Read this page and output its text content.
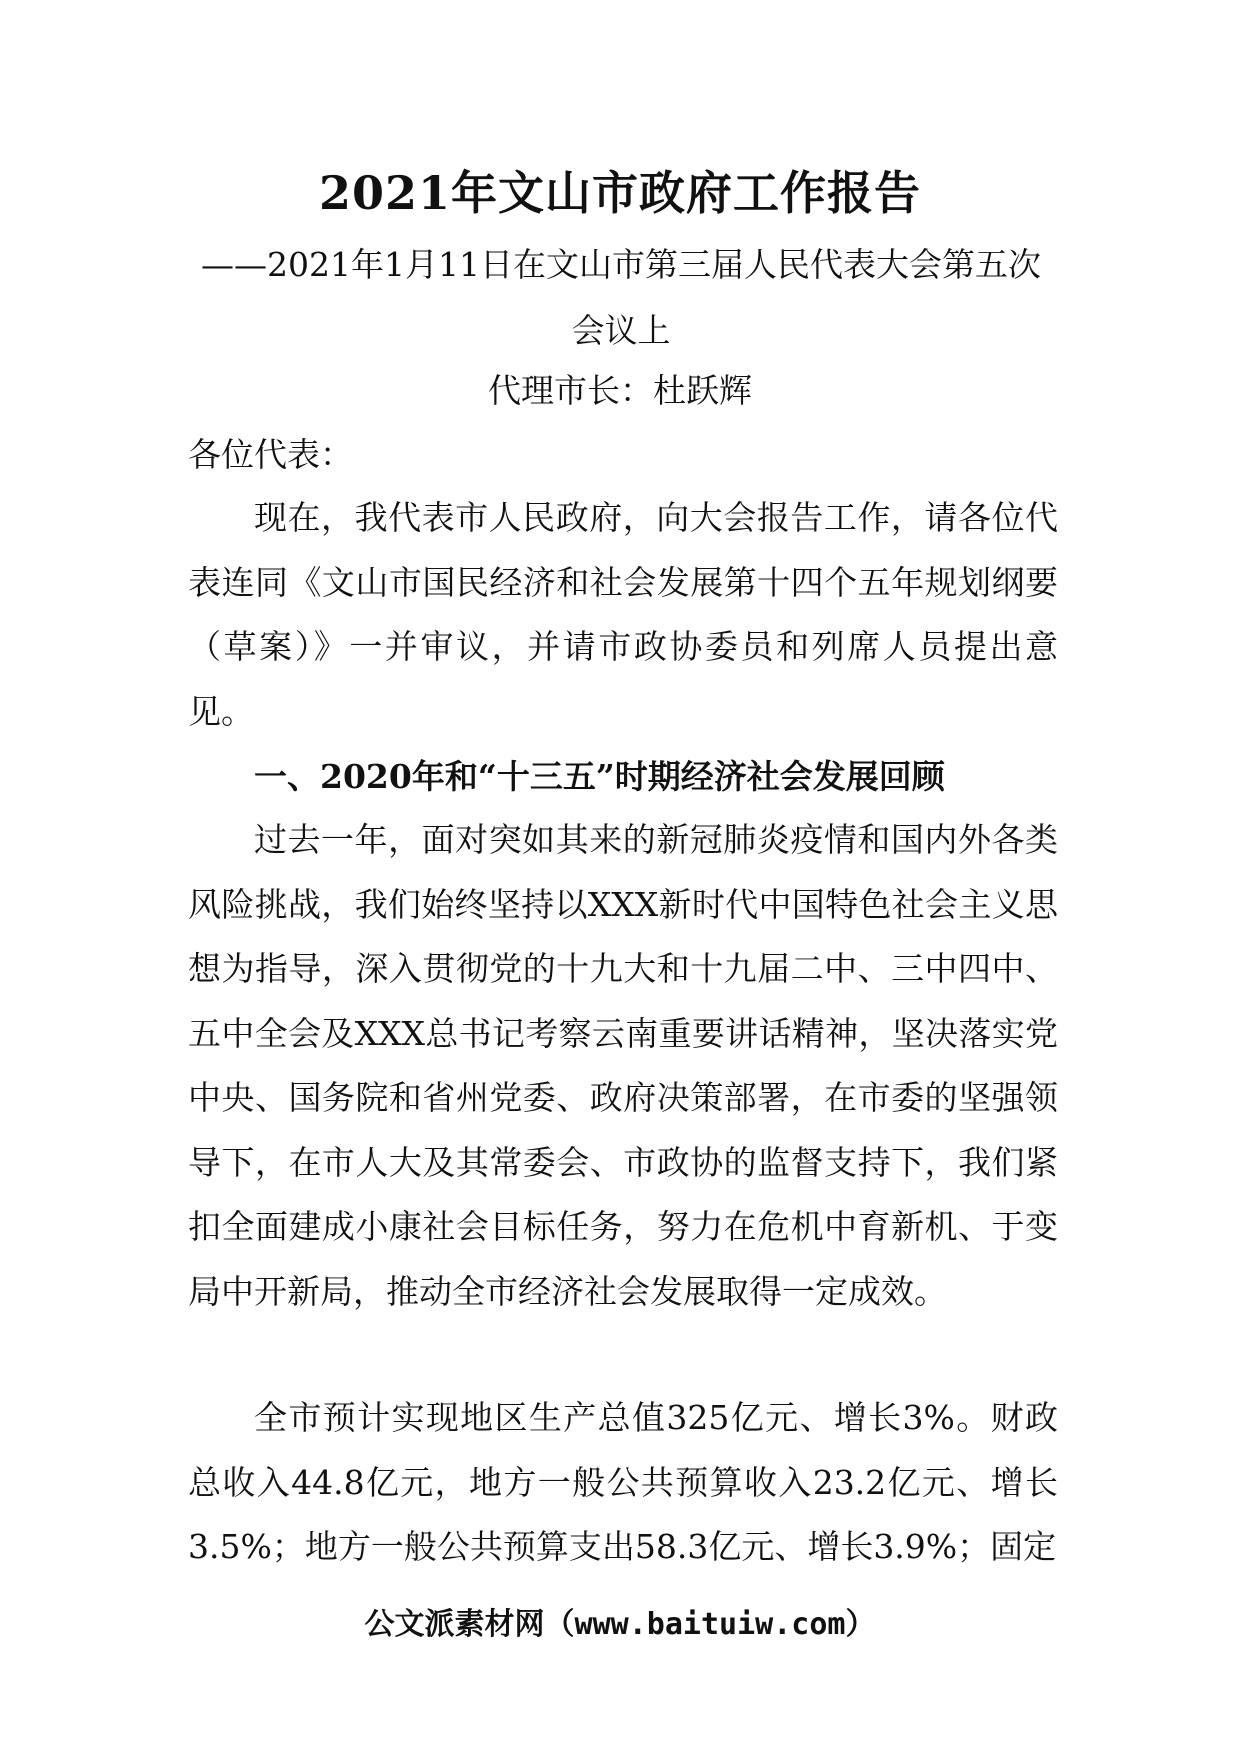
2021年文山市政府工作报告
——2021年1月11日在文山市第三届人民代表大会第五次会议上
代理市长：杜跃辉
各位代表：

现在，我代表市人民政府，向大会报告工作，请各位代表连同《文山市国民经济和社会发展第十四个五年规划纲要（草案）》一并审议，并请市政协委员和列席人员提出意见。

一、2020年和“十三五”时期经济社会发展回顾

过去一年，面对突如其来的新冠肺炎疫情和国内外各类风险挑战，我们始终坚持以XXX新时代中国特色社会主义思想为指导，深入贯彻党的十九大和十九届二中、三中四中、五中全会及XXX总书记考察云南重要讲话精神，坚决落实党中央、国务院和省州党委、政府决策部署，在市委的坚强领导下，在市人大及其常委会、市政协的监督支持下，我们紧扣全面建成小康社会目标任务，努力在危机中育新机、于变局中开新局，推动全市经济社会发展取得一定成效。

全市预计实现地区生产总值325亿元、增长3%。财政总收入44.8亿元，地方一般公共预算收入23.2亿元、增长3.5%；地方一般公共预算支出58.3亿元、增长3.9%；固定

公文派素材网（www.baituiw.com）
